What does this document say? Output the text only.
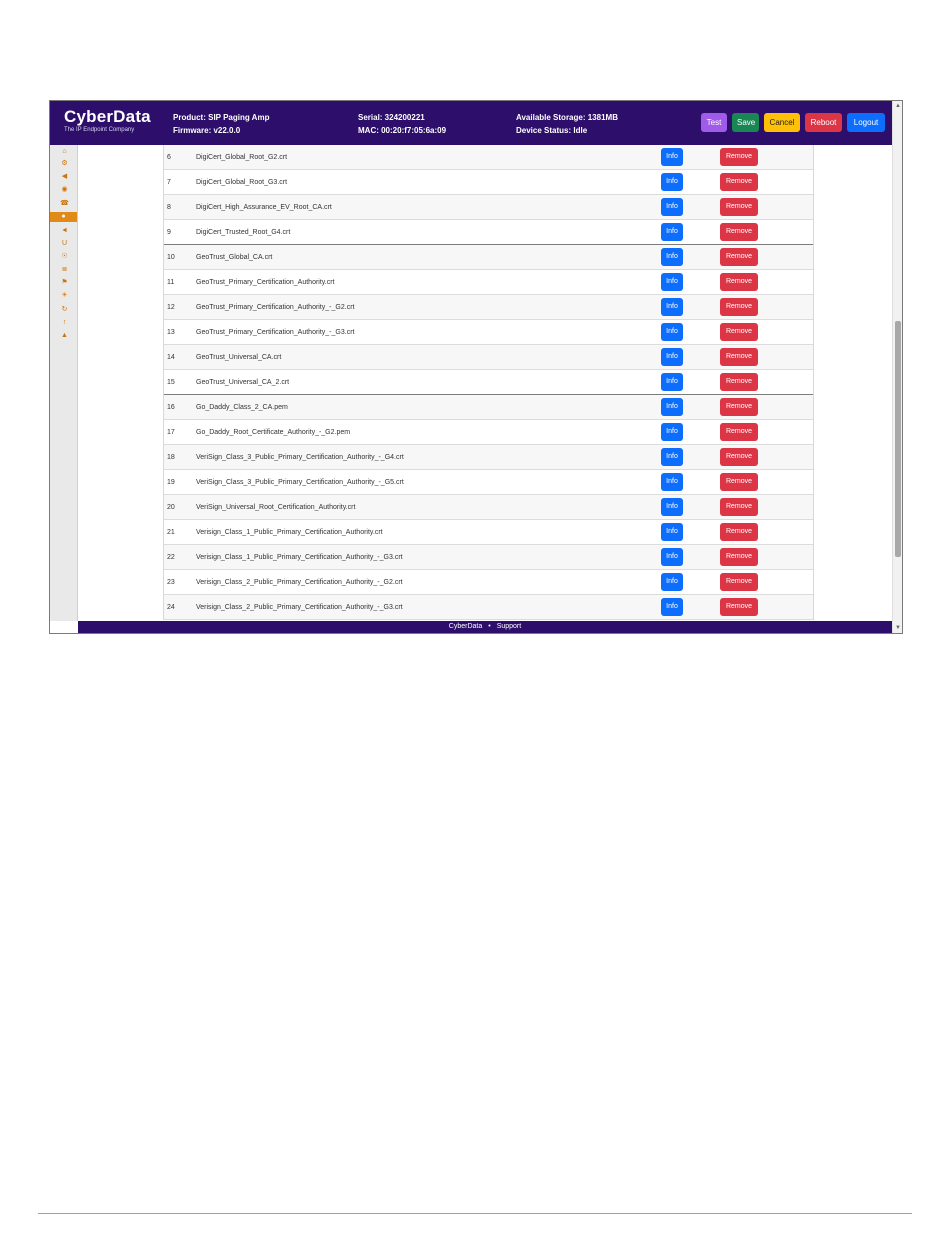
CyberData
The IP Endpoint Company
Product: SIP Paging Amp
Firmware: v22.0.0
Serial: 324200221
MAC: 00:20:f7:05:6a:09
Available Storage: 1381MB
Device Status: Idle
Test	Save	Cancel	Reboot	Logout
⌂
⚙
◀
◉
☎
●
◄
U
☉
≣
⚑
☀
↻
↑
▲
6	DigiCert_Global_Root_G2.crt	Info	Remove
7	DigiCert_Global_Root_G3.crt	Info	Remove
8	DigiCert_High_Assurance_EV_Root_CA.crt	Info	Remove
9	DigiCert_Trusted_Root_G4.crt	Info	Remove
10	GeoTrust_Global_CA.crt	Info	Remove
11	GeoTrust_Primary_Certification_Authority.crt	Info	Remove
12	GeoTrust_Primary_Certification_Authority_-_G2.crt	Info	Remove
13	GeoTrust_Primary_Certification_Authority_-_G3.crt	Info	Remove
14	GeoTrust_Universal_CA.crt	Info	Remove
15	GeoTrust_Universal_CA_2.crt	Info	Remove
16	Go_Daddy_Class_2_CA.pem	Info	Remove
17	Go_Daddy_Root_Certificate_Authority_-_G2.pem	Info	Remove
18	VeriSign_Class_3_Public_Primary_Certification_Authority_-_G4.crt	Info	Remove
19	VeriSign_Class_3_Public_Primary_Certification_Authority_-_G5.crt	Info	Remove
20	VeriSign_Universal_Root_Certification_Authority.crt	Info	Remove
21	Verisign_Class_1_Public_Primary_Certification_Authority.crt	Info	Remove
22	Verisign_Class_1_Public_Primary_Certification_Authority_-_G3.crt	Info	Remove
23	Verisign_Class_2_Public_Primary_Certification_Authority_-_G2.crt	Info	Remove
24	Verisign_Class_2_Public_Primary_Certification_Authority_-_G3.crt	Info	Remove
CyberData • Support
▲
▼
